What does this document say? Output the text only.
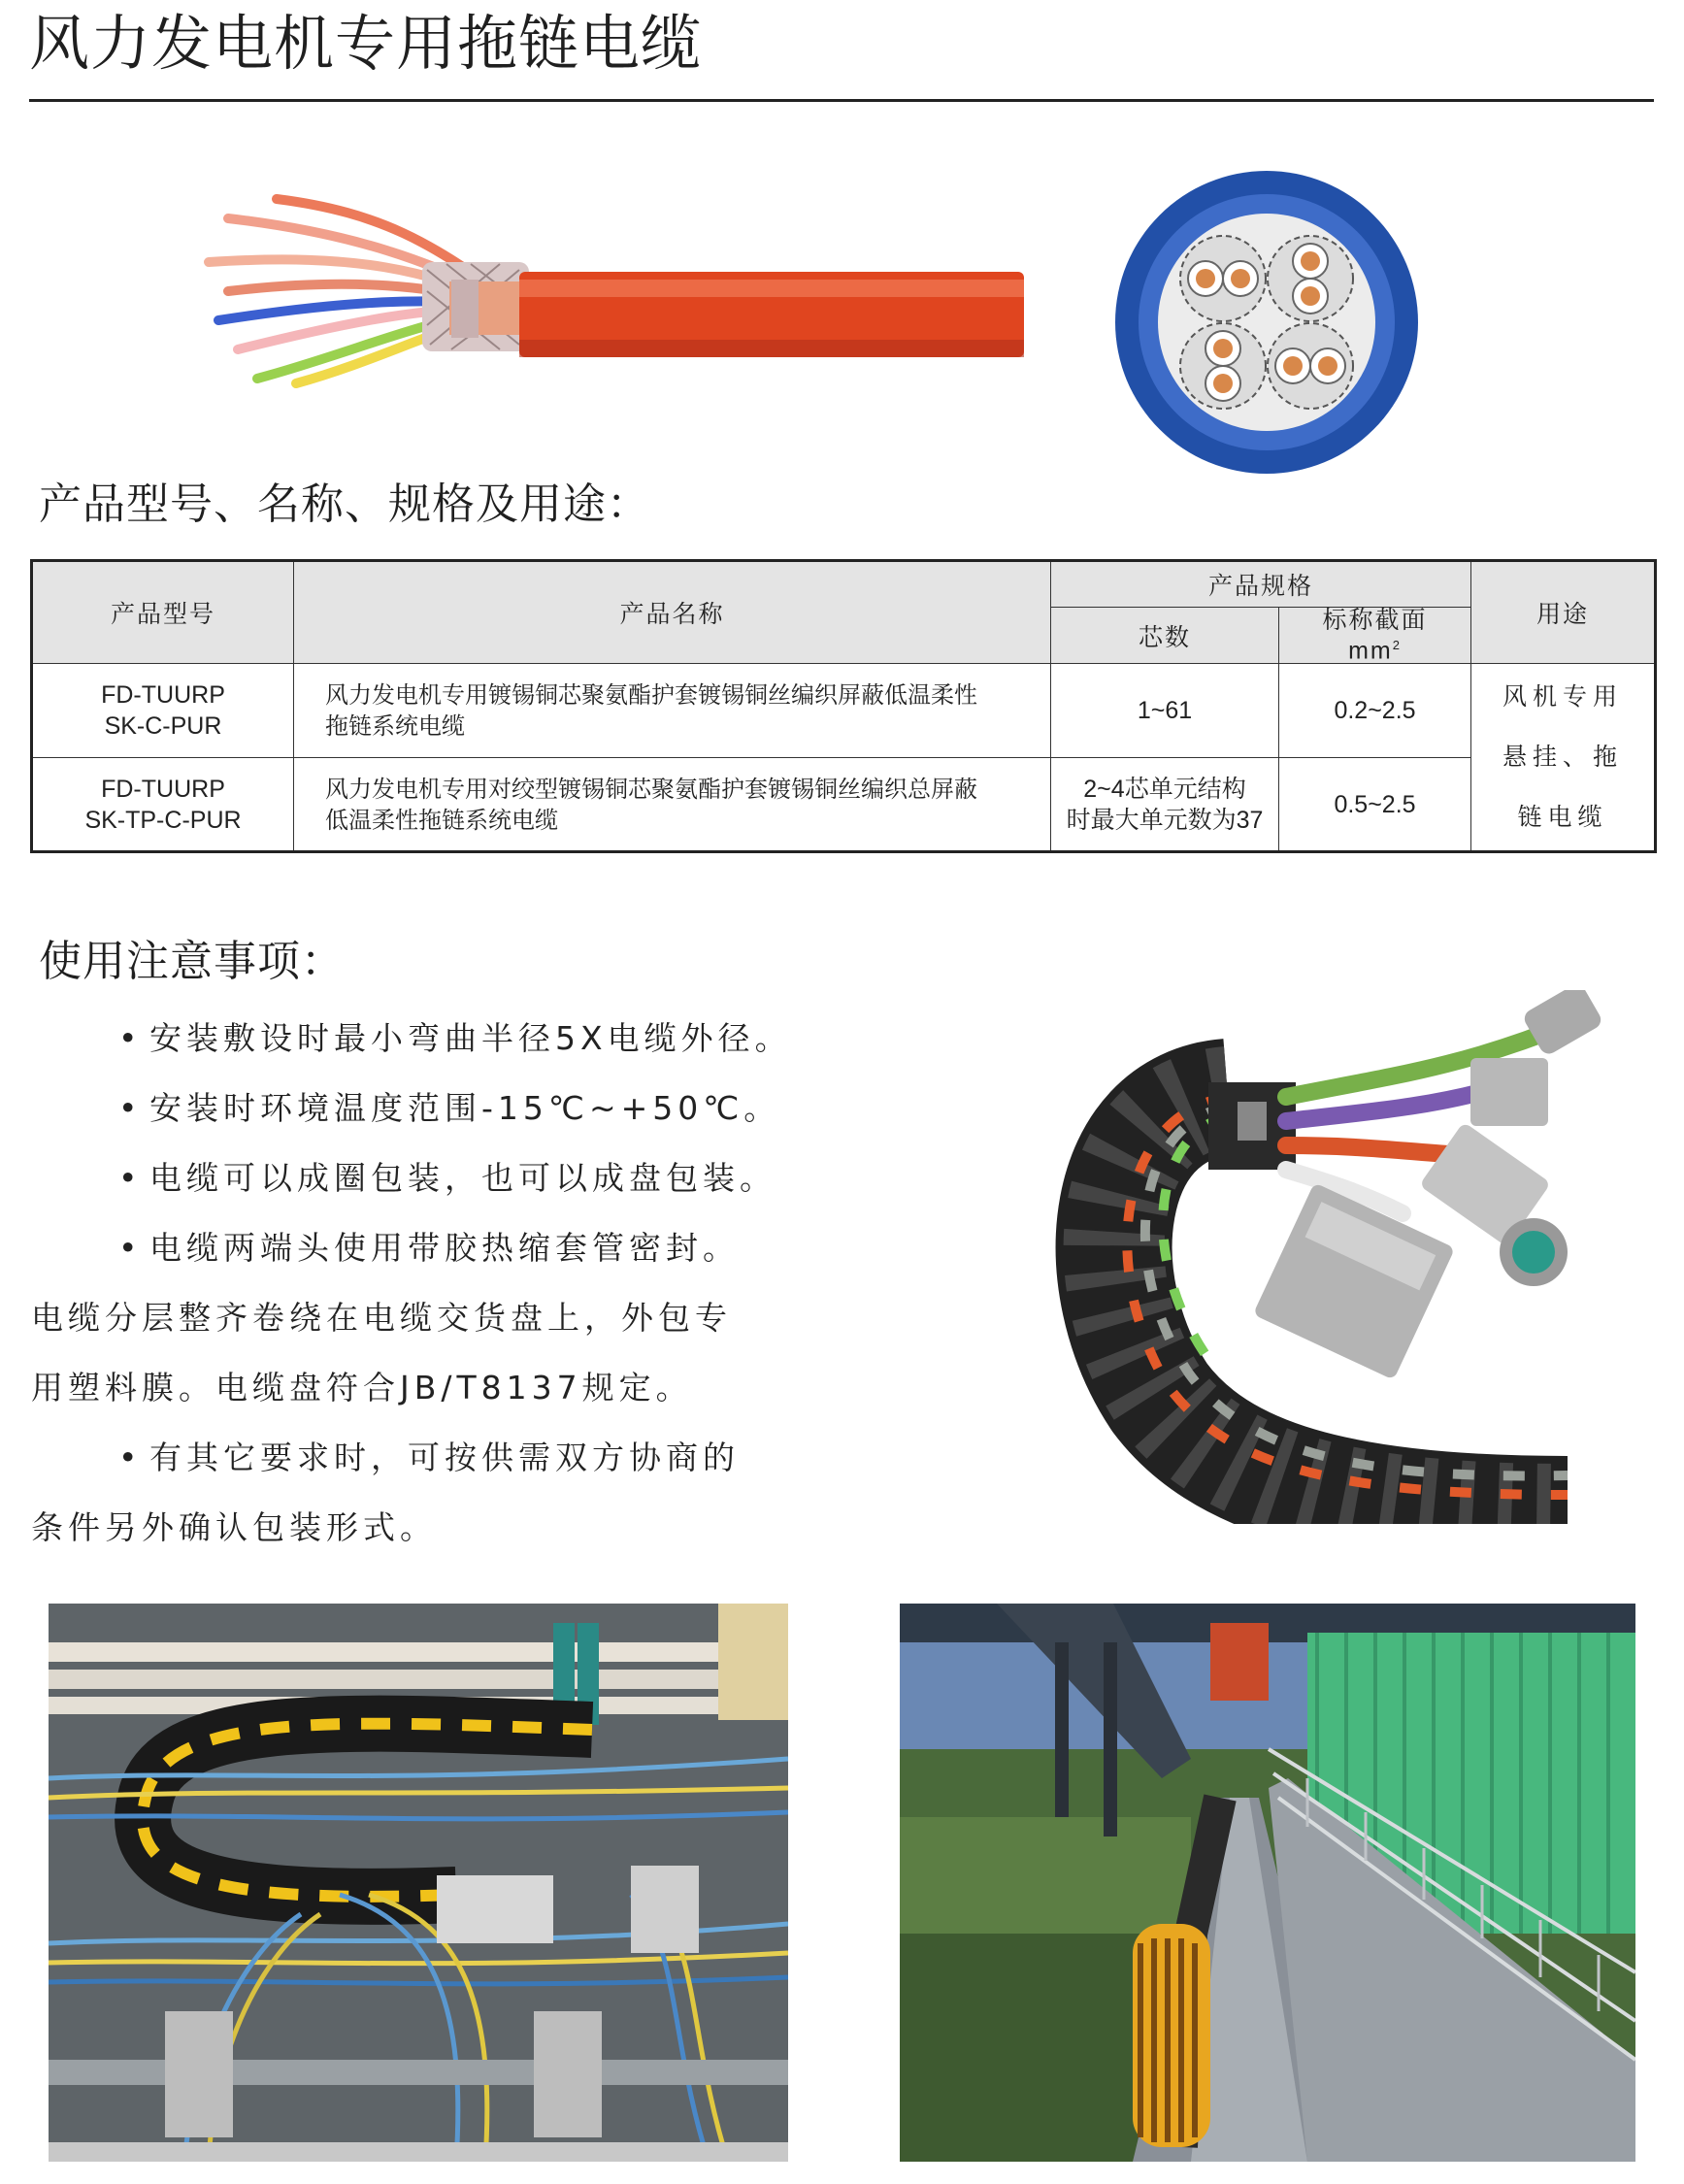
风力发电机专用拖链电缆
产品型号、名称、规格及用途：
产品型号	产品名称	产品规格		用途
		芯数	标称截面
$mm^2$
FD-TUURP
SK-C-PUR	风力发电机专用镀锡铜芯聚氨酯护套镀锡铜丝编织屏蔽低温柔性
拖链系统电缆	1~61	0.2~2.5	风机专用
悬挂、拖
链电缆
FD-TUURP
SK-TP-C-PUR	风力发电机专用对绞型镀锡铜芯聚氨酯护套镀锡铜丝编织总屏蔽
低温柔性拖链系统电缆	2~4芯单元结构
时最大单元数为37	0.5~2.5	
使用注意事项：

• 安装敷设时最小弯曲半径5X电缆外径。

• 安装时环境温度范围-15℃~+50℃。

• 电缆可以成圈包装，也可以成盘包装。

• 电缆两端头使用带胶热缩套管密封。

电缆分层整齐卷绕在电缆交货盘上，外包专

用塑料膜。电缆盘符合JB/T8137规定。

• 有其它要求时，可按供需双方协商的

条件另外确认包装形式。
